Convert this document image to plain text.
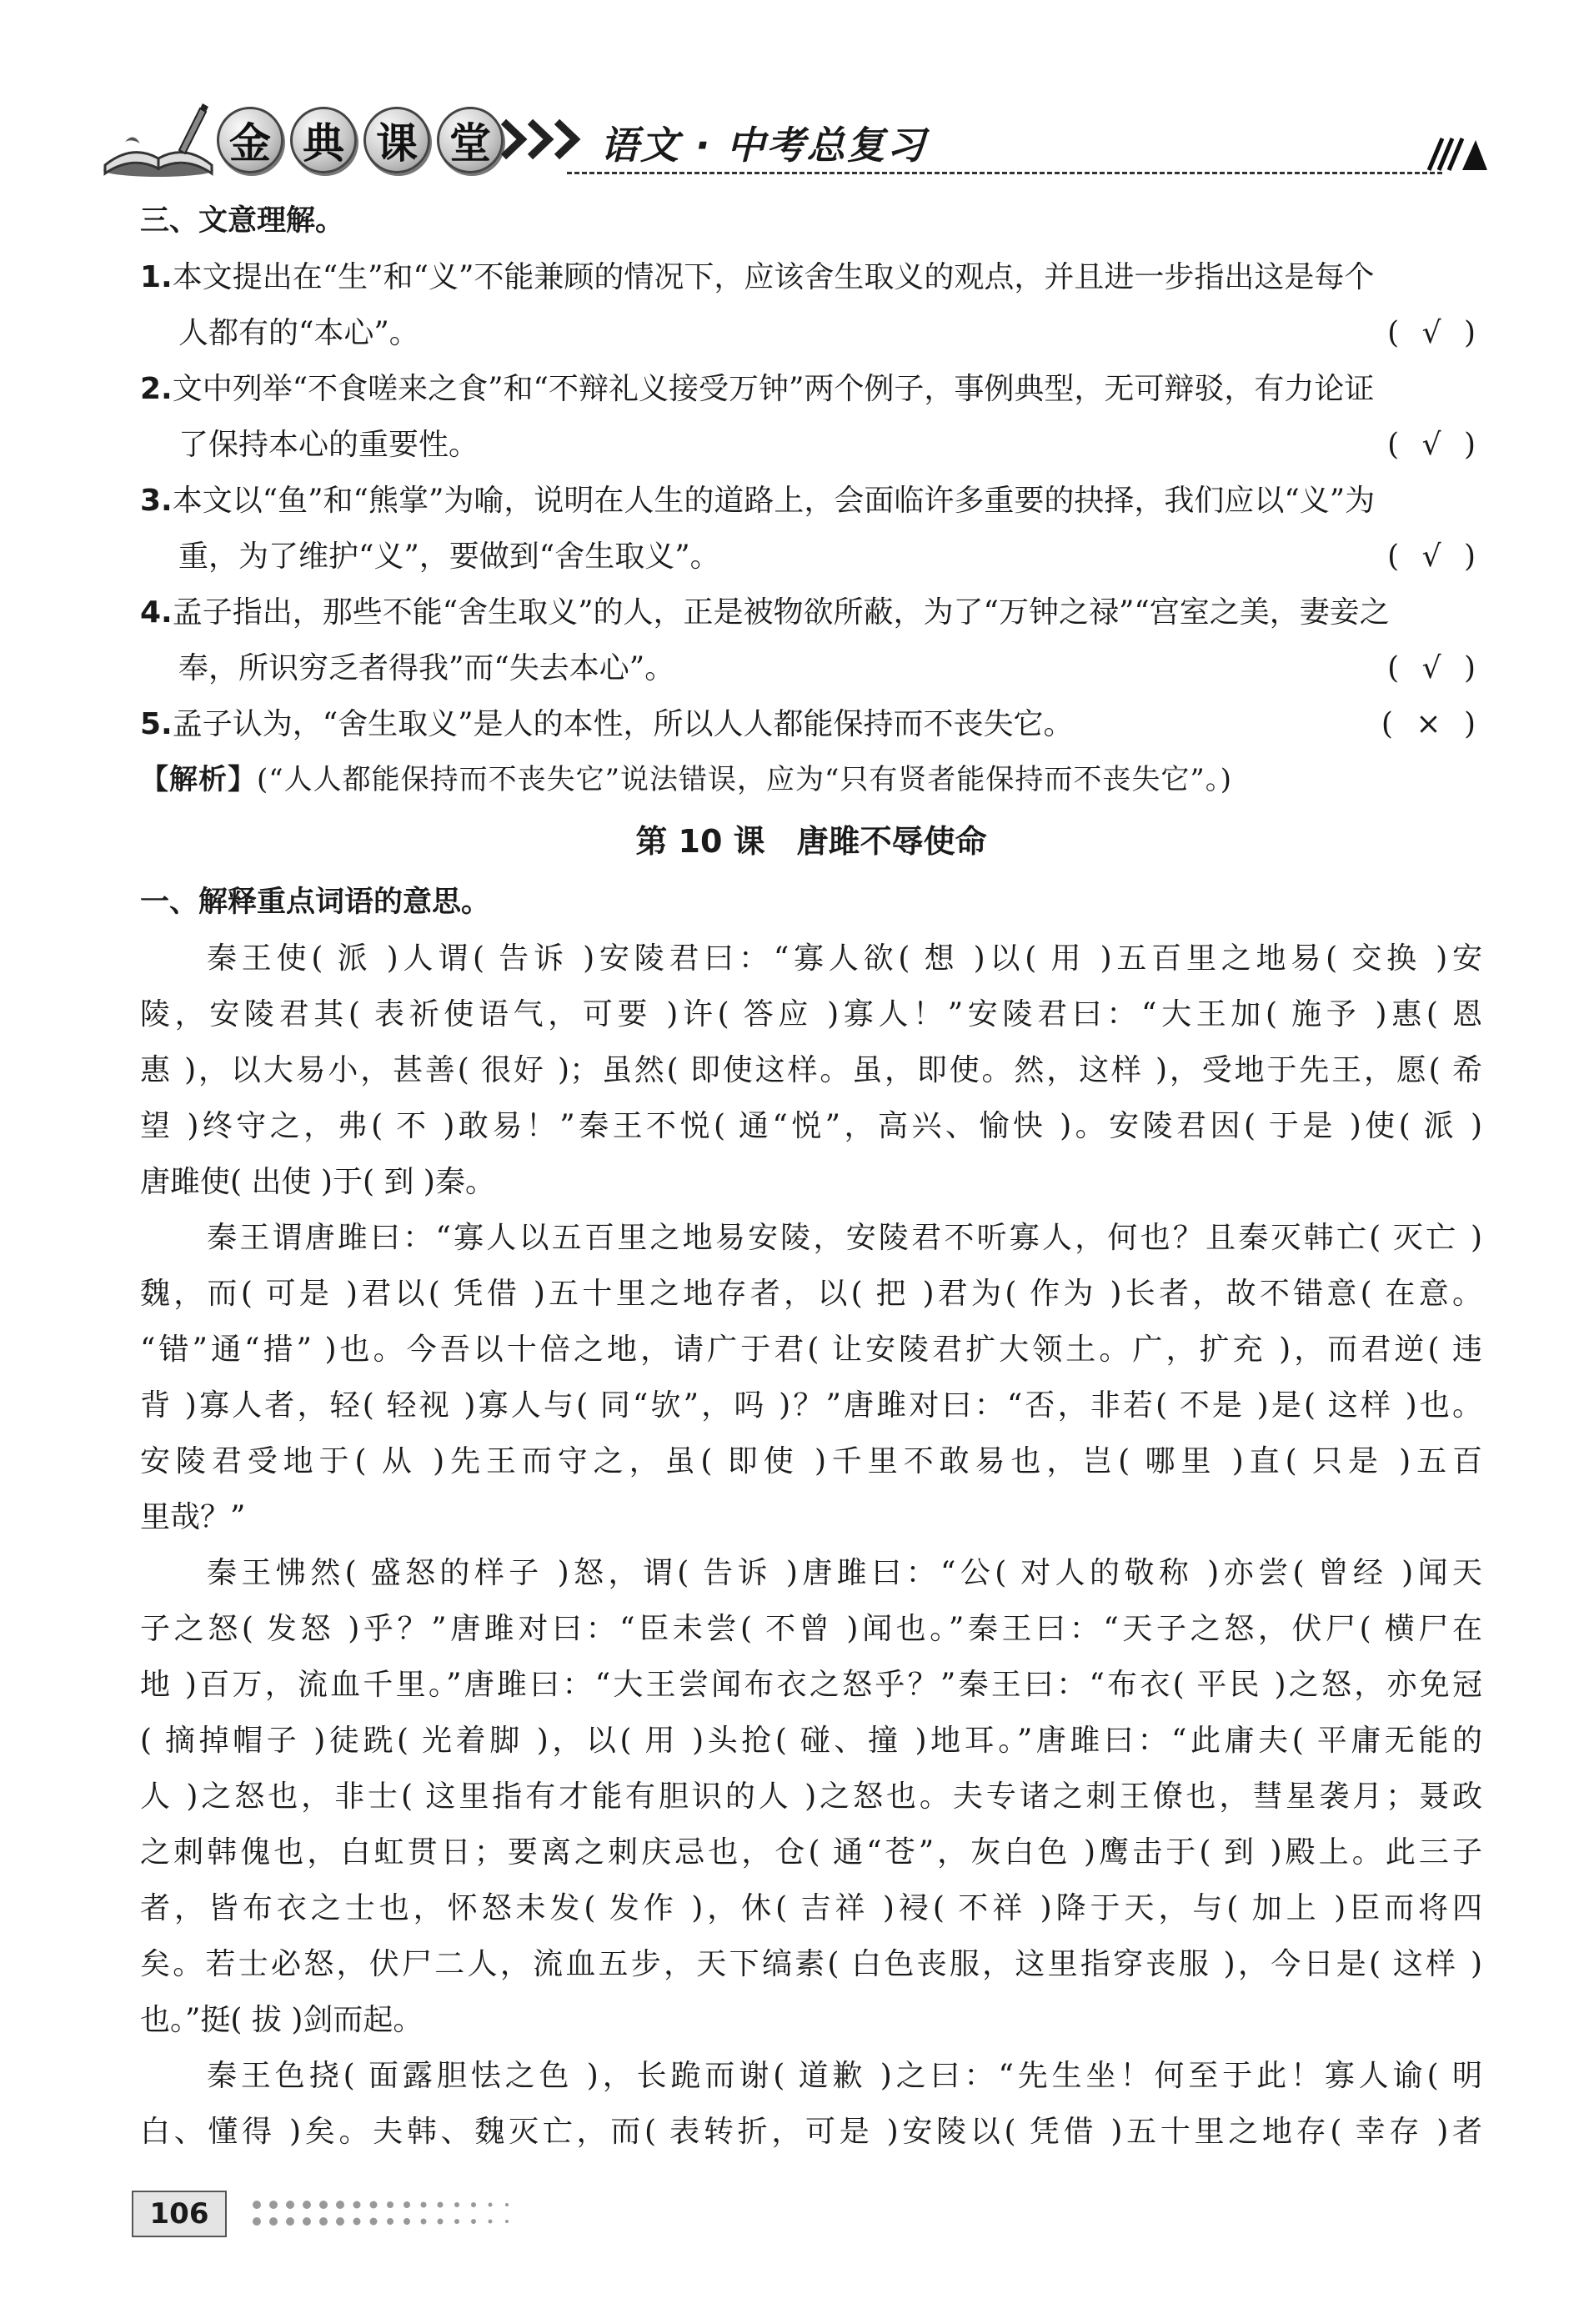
金 典 课 堂	语文 · 中考总复习
三、文意理解。
1.本文提出在“生”和“义”不能兼顾的情况下，应该舍生取义的观点，并且进一步指出这是每个
人都有的“本心”。	( √ )
2.文中列举“不食嗟来之食”和“不辩礼义接受万钟”两个例子，事例典型，无可辩驳，有力论证
了保持本心的重要性。	( √ )
3.本文以“鱼”和“熊掌”为喻，说明在人生的道路上，会面临许多重要的抉择，我们应以“义”为
重，为了维护“义”，要做到“舍生取义”。	( √ )
4.孟子指出，那些不能“舍生取义”的人，正是被物欲所蔽，为了“万钟之禄”“宫室之美，妻妾之
奉，所识穷乏者得我”而“失去本心”。	( √ )
5.孟子认为，“舍生取义”是人的本性，所以人人都能保持而不丧失它。	( × )
【解析】(“人人都能保持而不丧失它”说法错误，应为“只有贤者能保持而不丧失它”。)
第 10 课　唐雎不辱使命
一、解释重点词语的意思。
秦王使( 派 )人谓( 告诉 )安陵君曰：“寡人欲( 想 )以( 用 )五百里之地易( 交换 )安
陵，安陵君其( 表祈使语气，可要 )许( 答应 )寡人！”安陵君曰：“大王加( 施予 )惠( 恩
惠 )，以大易小，甚善( 很好 )；虽然( 即使这样。虽，即使。然，这样 )，受地于先王，愿( 希
望 )终守之，弗( 不 )敢易！”秦王不悦( 通“悦”，高兴、愉快 )。安陵君因( 于是 )使( 派 )
唐雎使( 出使 )于( 到 )秦。
秦王谓唐雎曰：“寡人以五百里之地易安陵，安陵君不听寡人，何也？且秦灭韩亡( 灭亡 )
魏，而( 可是 )君以( 凭借 )五十里之地存者，以( 把 )君为( 作为 )长者，故不错意( 在意。
“错”通“措” )也。今吾以十倍之地，请广于君( 让安陵君扩大领土。广，扩充 )，而君逆( 违
背 )寡人者，轻( 轻视 )寡人与( 同“欤”，吗 )？”唐雎对曰：“否，非若( 不是 )是( 这样 )也。
安陵君受地于( 从 )先王而守之，虽( 即使 )千里不敢易也，岂( 哪里 )直( 只是 )五百
里哉？”
秦王怫然( 盛怒的样子 )怒，谓( 告诉 )唐雎曰：“公( 对人的敬称 )亦尝( 曾经 )闻天
子之怒( 发怒 )乎？”唐雎对曰：“臣未尝( 不曾 )闻也。”秦王曰：“天子之怒，伏尸( 横尸在
地 )百万，流血千里。”唐雎曰：“大王尝闻布衣之怒乎？”秦王曰：“布衣( 平民 )之怒，亦免冠
( 摘掉帽子 )徒跣( 光着脚 )，以( 用 )头抢( 碰、撞 )地耳。”唐雎曰：“此庸夫( 平庸无能的
人 )之怒也，非士( 这里指有才能有胆识的人 )之怒也。夫专诸之刺王僚也，彗星袭月；聂政
之刺韩傀也，白虹贯日；要离之刺庆忌也，仓( 通“苍”，灰白色 )鹰击于( 到 )殿上。此三子
者，皆布衣之士也，怀怒未发( 发作 )，休( 吉祥 )祲( 不祥 )降于天，与( 加上 )臣而将四
矣。若士必怒，伏尸二人，流血五步，天下缟素( 白色丧服，这里指穿丧服 )，今日是( 这样 )
也。”挺( 拔 )剑而起。
秦王色挠( 面露胆怯之色 )，长跪而谢( 道歉 )之曰：“先生坐！何至于此！寡人谕( 明
白、懂得 )矣。夫韩、魏灭亡，而( 表转折，可是 )安陵以( 凭借 )五十里之地存( 幸存 )者
106
